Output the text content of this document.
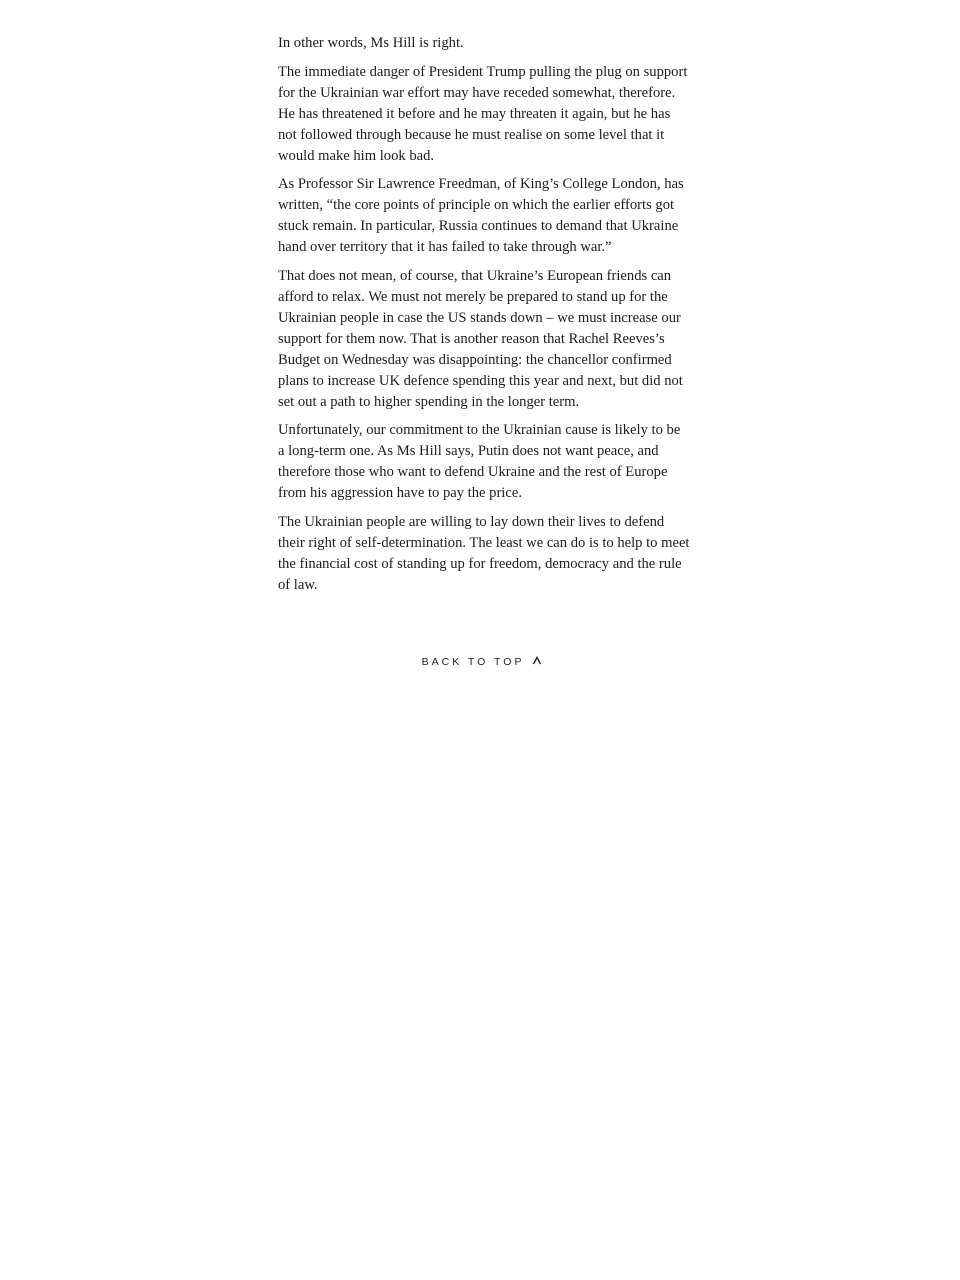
In other words, Ms Hill is right.

The immediate danger of President Trump pulling the plug on support for the Ukrainian war effort may have receded somewhat, therefore. He has threatened it before and he may threaten it again, but he has not followed through because he must realise on some level that it would make him look bad.

As Professor Sir Lawrence Freedman, of King’s College London, has written, “the core points of principle on which the earlier efforts got stuck remain. In particular, Russia continues to demand that Ukraine hand over territory that it has failed to take through war.”

That does not mean, of course, that Ukraine’s European friends can afford to relax. We must not merely be prepared to stand up for the Ukrainian people in case the US stands down – we must increase our support for them now. That is another reason that Rachel Reeves’s Budget on Wednesday was disappointing: the chancellor confirmed plans to increase UK defence spending this year and next, but did not set out a path to higher spending in the longer term.

Unfortunately, our commitment to the Ukrainian cause is likely to be a long-term one. As Ms Hill says, Putin does not want peace, and therefore those who want to defend Ukraine and the rest of Europe from his aggression have to pay the price.

The Ukrainian people are willing to lay down their lives to defend their right of self-determination. The least we can do is to help to meet the financial cost of standing up for freedom, democracy and the rule of law.

BACK TO TOP
